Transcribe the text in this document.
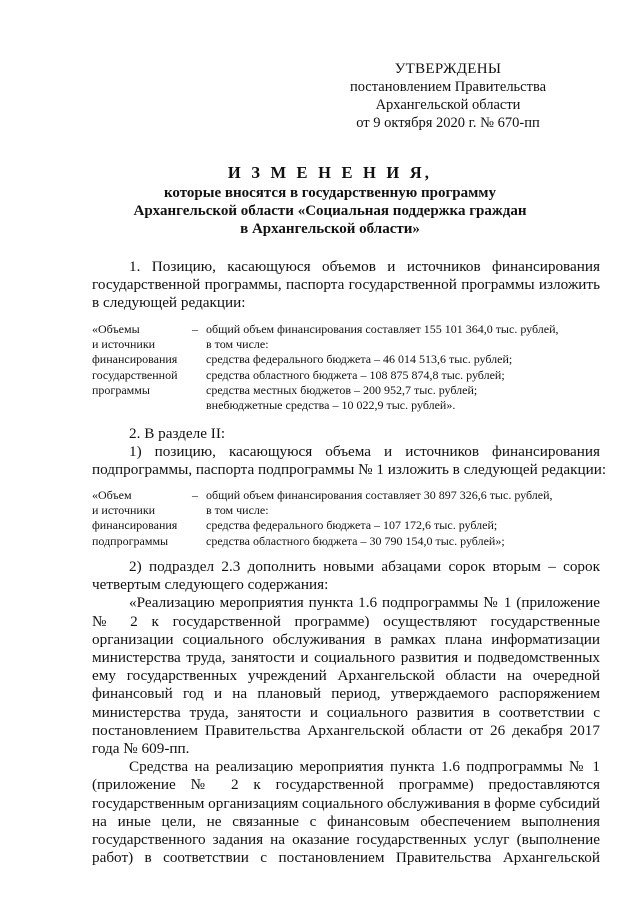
УТВЕРЖДЕНЫ
постановлением Правительства
Архангельской области
от 9 октября 2020 г. № 670-пп
И З М Е Н Е Н И Я,
которые вносятся в государственную программу
Архангельской области «Социальная поддержка граждан
в Архангельской области»

1. Позицию, касающуюся объемов и источников финансирования

государственной программы, паспорта государственной программы изложить

в следующей редакции:

«Объемы	– общий объем финансирования составляет 155 101 364,0 тыс. рублей,
и источники	в том числе:
финансирования	средства федерального бюджета – 46 014 513,6 тыс. рублей;
государственной	средства областного бюджета – 108 875 874,8 тыс. рублей;
программы	средства местных бюджетов – 200 952,7 тыс. рублей;
внебюджетные средства – 10 022,9 тыс. рублей».

2. В разделе II:

1) позицию, касающуюся объема и источников финансирования

подпрограммы, паспорта подпрограммы № 1 изложить в следующей редакции:

«Объем	– общий объем финансирования составляет 30 897 326,6 тыс. рублей,
и источники	в том числе:
финансирования	средства федерального бюджета – 107 172,6 тыс. рублей;
подпрограммы	средства областного бюджета – 30 790 154,0 тыс. рублей»;

2) подраздел 2.3 дополнить новыми абзацами сорок вторым – сорок

четвертым следующего содержания:

«Реализацию мероприятия пункта 1.6 подпрограммы № 1 (приложение № 2 к государственной программе) осуществляют государственные организации социального обслуживания в рамках плана информатизации министерства труда, занятости и социального развития и подведомственных ему государственных учреждений Архангельской области на очередной финансовый год и на плановый период, утверждаемого распоряжением министерства труда, занятости и социального развития в соответствии с постановлением Правительства Архангельской области от 26 декабря 2017 года № 609-пп.

Средства на реализацию мероприятия пункта 1.6 подпрограммы № 1 (приложение № 2 к государственной программе) предоставляются государственным организациям социального обслуживания в форме субсидий на иные цели, не связанные с финансовым обеспечением выполнения государственного задания на оказание государственных услуг (выполнение работ) в соответствии с постановлением Правительства Архангельской
